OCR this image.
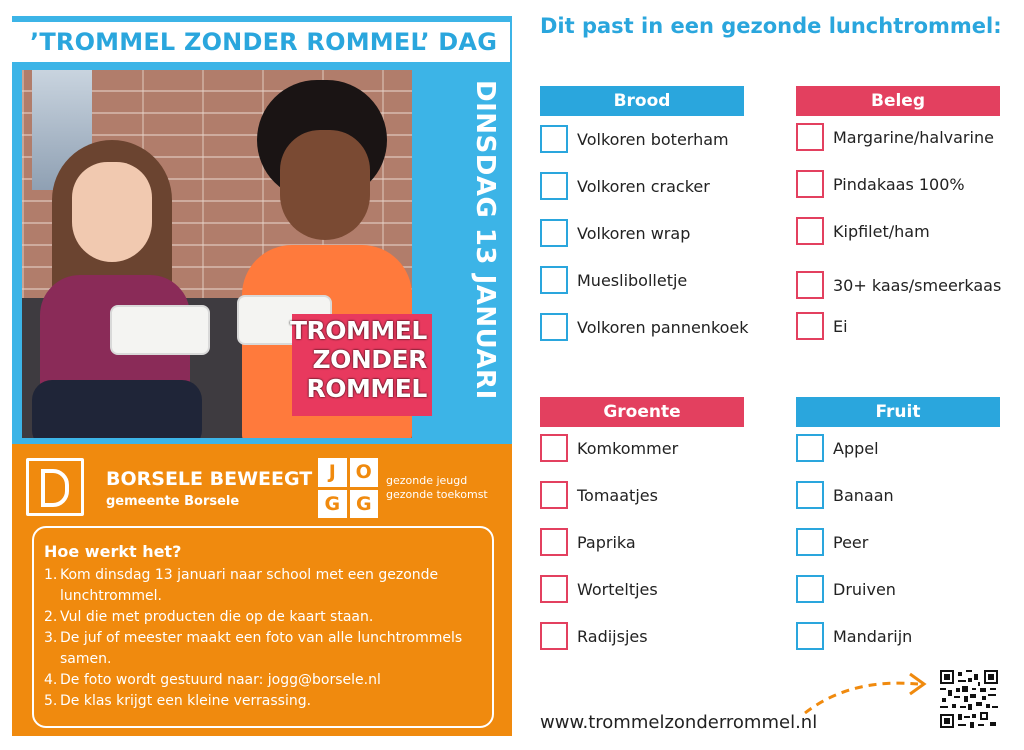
’TROMMEL ZONDER ROMMEL’ DAG
TROMMEL
ZONDER
ROMMEL DINSDAG 13 JANUARI
BORSELE BEWEEGT
gemeente Borsele
J	O
G G
gezonde jeugd
gezonde toekomst
Hoe werkt het?
1. Kom dinsdag 13 januari naar school met een gezonde lunchtrommel.
2. Vul die met producten die op de kaart staan.
3. De juf of meester maakt een foto van alle lunchtrommels samen.
4. De foto wordt gestuurd naar: jogg@borsele.nl
5. De klas krijgt een kleine verrassing.
Dit past in een gezonde lunchtrommel:
Brood
Volkoren boterham
Volkoren cracker
Volkoren wrap
Mueslibolletje
Volkoren pannenkoek
Beleg
Margarine/halvarine
Pindakaas 100%
Kipfilet/ham
30+ kaas/smeerkaas
Ei
Groente
Komkommer
Tomaatjes
Paprika
Worteltjes
Radijsjes
Fruit
Appel
Banaan
Peer
Druiven
Mandarijn
www.trommelzonderrommel.nl
